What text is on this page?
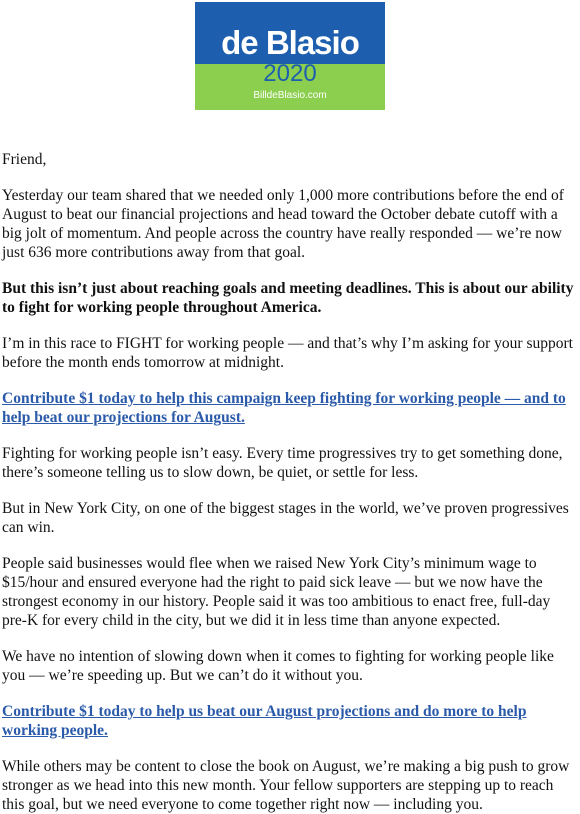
de Blasio
2020
BilldeBlasio.com

Friend,

Yesterday our team shared that we needed only 1,000 more contributions before the end of August to beat our financial projections and head toward the October debate cutoff with a big jolt of momentum. And people across the country have really responded — we’re now just 636 more contributions away from that goal.

But this isn’t just about reaching goals and meeting deadlines. This is about our ability to fight for working people throughout America.

I’m in this race to FIGHT for working people — and that’s why I’m asking for your support before the month ends tomorrow at midnight.

Contribute $1 today to help this campaign keep fighting for working people — and to help beat our projections for August.

Fighting for working people isn’t easy. Every time progressives try to get something done, there’s someone telling us to slow down, be quiet, or settle for less.

But in New York City, on one of the biggest stages in the world, we’ve proven progressives can win.

People said businesses would flee when we raised New York City’s minimum wage to $15/hour and ensured everyone had the right to paid sick leave — but we now have the strongest economy in our history. People said it was too ambitious to enact free, full-day pre-K for every child in the city, but we did it in less time than anyone expected.

We have no intention of slowing down when it comes to fighting for working people like you — we’re speeding up. But we can’t do it without you.

Contribute $1 today to help us beat our August projections and do more to help working people.

While others may be content to close the book on August, we’re making a big push to grow stronger as we head into this new month. Your fellow supporters are stepping up to reach this goal, but we need everyone to come together right now — including you.
